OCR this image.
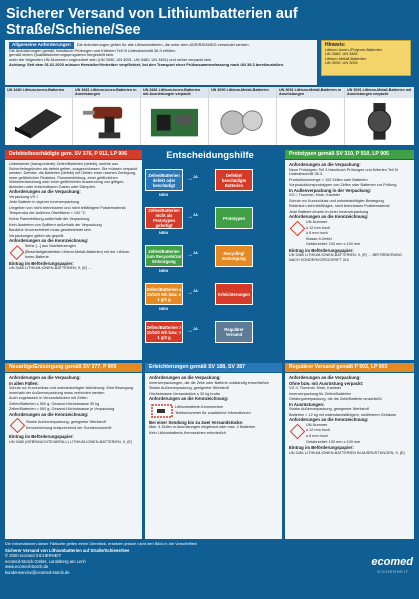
Sicherer Versand von Lithiumbatterien auf Straße/Schiene/See
Hinweis:
Lithium-Ionen-/Polymer-Batterien
UN 3480, UN 3481
Lithium-Metall-Batterien
UN 3090, UN 3091
Allgemeine Anforderungen Die Anforderungen gelten für alle Lithiumbatterien, die unter dem ADR/RID/IMDG versendet werden.
Die Anforderungen gemäß Handbuch Prüfungen und Kriterien Teil III Unterabschnitt 38.3 erfüllen.
gemäß einem Qualitätssicherungsprogramm hergestellt sein.
unter der folgenden UN-Nummern zugeordnet sein (UN 3090, UN 3091, UN 3480, UN 3481) und sicher verpackt sein.
Achtung: Seit dem 01.01.2020 müssen Hersteller/Vertreiber verpflichtet, bei den Transport einer Prüfzusammenfassung nach UN 38.3 bereitzustellen.
UN 3480 Lithium-Ionen-Batterien	UN 3481 Lithium-Ionen-Batterien in Ausrüstungen
UN 3481 Lithium-Ionen-Batterien mit Ausrüstungen verpackt
UN 3090 Lithium-Metall-Batterien	UN 3091 Lithium-Metall-Batterien in Ausrüstungen
UN 3091 Lithium-Metall-Batterien mit Ausrüstungen verpackt
Defekte/beschädigte gem. SV 376, P 911, LP 906

Unbekannte (transportierte) Zellen/Batterien (defekt), welche aus Sicherheitsgründen als defekt gelten, ausgeschlossen. Sie müssen verpackt werden. Defekte, die Batterien (defekt) mit Gefahr einer raschen Zerlegung, einer gefährlichen Reaktion, Flammenbildung, einer gefährlichen Wärmeentwicklung oder einer gefährlichen Aussendung von giftigen, ätzenden oder entzündbaren Gasen oder Dämpfen.

Anforderungen an die Verpackung:

Verpackung VG I

Jede Batterie in eigener Innenverpackung

Umgeben von nicht brennbarem und nicht leitfähigem Polstermaterial

Temperatur der äußeren Oberfläche < 100 °C

Keine Flammbildung außerhalb der Verpackung

Kein Austreten von Splittern außerhalb der Verpackung

Bauliche Unversehrtheit muss gewährleistet sein

Verpackungen gelten als geprüft

Anforderungen an die Kennzeichnung:

Siehe [...] aus Nutzfahrzeugen

(Beschädigte/defekte Lithium-Metall-Batterien) mit der Lithium-Ionen-Batterie.

Eintrag im Beförderungspapier:

UN 3480 LITHIUM-IONEN-BATTERIEN, 9, (E) ...

Entscheidungshilfe
Zellen/Batterien defekt oder beschädigt
JA
→
Defekte/ beschädigte Batterien
NEIN
Zellen/Batterien nicht als Prototypen gefertigt
→ JA
Prototypen
NEIN
Zellen/Batterien zum Recyceln/zur Entsorgung
→ JA	Recycling/ Entsorgung
NEIN
Zellen/Batterien ≤ 20/100 Wh bzw. ≤ 1 g/2 g
→ JA
Erleichterungen
NEIN
Zellen/Batterien > 20/100 Wh bzw. > 1 g/2 g
→ JA	Regulärer Versand
Prototypen gemäß SV 310, P 910, LP 905
Anforderungen an die Verpackung:

Neue Prototypen Teil 3 Handbuch Prüfungen und Kriterien Teil III Unterabschnitt 38.3

Produktionsmenge < 100 Zellen oder Batterien

Vorproduktionsprototypen von Zellen oder Batterien zur Prüfung

In Außenverpackung in der Verpackung:

VG I, Trommel, Kiste, Kanister

Schutz vor Kurzschluss und unbeabsichtigter Bewegung

Elektrisch nicht leitfähiges, nicht brennbares Polstermaterial

Jede Batterie einzeln in einer Innenverpackung

Anforderungen an die Kennzeichnung:

UN-Nummer

≥ 12 mm hoch

≥ 6 mm hoch

Klasse-9-Zettel

Gefahrzettel: 100 mm x 100 mm

Eintrag im Beförderungspapier:

UN 3480 LITHIUM-IONEN-BATTERIEN, 9, (E) ... BEFÖRDERUNG NACH SONDERVORSCHRIFT 310

Neuartige/Entsorgung gemäß SV 377, P 909
Anforderungen an die Verpackung:
In allen Fällen:

Schutz vor Kurzschluss und unbeabsichtigter Aktivierung. Eine Bewegung innerhalb der Außenverpackung muss verhindert werden.

Auch zugelassen in Versandstücken mit Zellen

Zellen/Batterien ≤ 500 g: Gesamt-Höchstmasse 30 kg

Zellen/Batterien > 500 g: Gesamt-Höchstmasse je Verpackung

Anforderungen an die Kennzeichnung:

Starke Außenverpackung, geeigneter Werkstoff

Kennzeichnung entsprechend der Sondervorschrift

Eintrag im Beförderungspapier:

UN 3480 (GEBRAUCHTE/ABFALL) LITHIUM-IONEN-BATTERIEN, 9, (E)

Erleichterungen gemäß SV 188, SV 387
Anforderungen an die Verpackung:

Innenverpackungen, die die Zelle oder Batterie vollständig einschließen

Starke Außenverpackung, geeigneter Werkstoff

Höchstmasse Versandstück ≤ 30 kg brutto

Anforderungen an die Kennzeichnung:

Lithiumbatterie-Kennzeichen

Telefonnummer für zusätzliche Informationen

Bei einer Sendung bis zu zwei Versandstücke:

Max. 4 Zellen in Ausrüstungen eingebaut oder max. 2 Batterien

Kein Lithiumbatterie-Kennzeichen erforderlich

Regulärer Versand gemäß P 903, LP 903
Anforderungen an die Verpackung:
Ohne bzw. mit Ausrüstung verpackt:

VG II, Trommel, Kiste, Kanister

Innenverpackung für Zellen/Batterien

Gefahrgutverpackung, die die Zelle/Batterie umschließt

In Ausrüstungen:

Starke Außenverpackung, geeigneter Werkstoff

Batterien > 12 kg mit widerstandsfähigem, stoßfestem Gehäuse

Anforderungen an die Kennzeichnung:

UN-Nummer

≥ 12 mm hoch

≥ 6 mm hoch

Gefahrzettel: 100 mm x 100 mm

Eintrag im Beförderungspapier:

UN 3481 LITHIUM-IONEN-BATTERIEN IN AUSRÜSTUNGEN, 9, (E)

Die Informationen dieser Faltkarte gelten einen Überblick, ersetzen jedoch nicht den Blick in die Vorschriften!
Sicherer Versand von Lithiumbatterien auf Straße/Schiene/See
© 2020 ecomed SICHERHEIT
ecomed-Storck GmbH, Landsberg am Lech
www.ecomed-storck.de
kundenservice@ecomed-storck.de
ecomed
SICHERHEIT
